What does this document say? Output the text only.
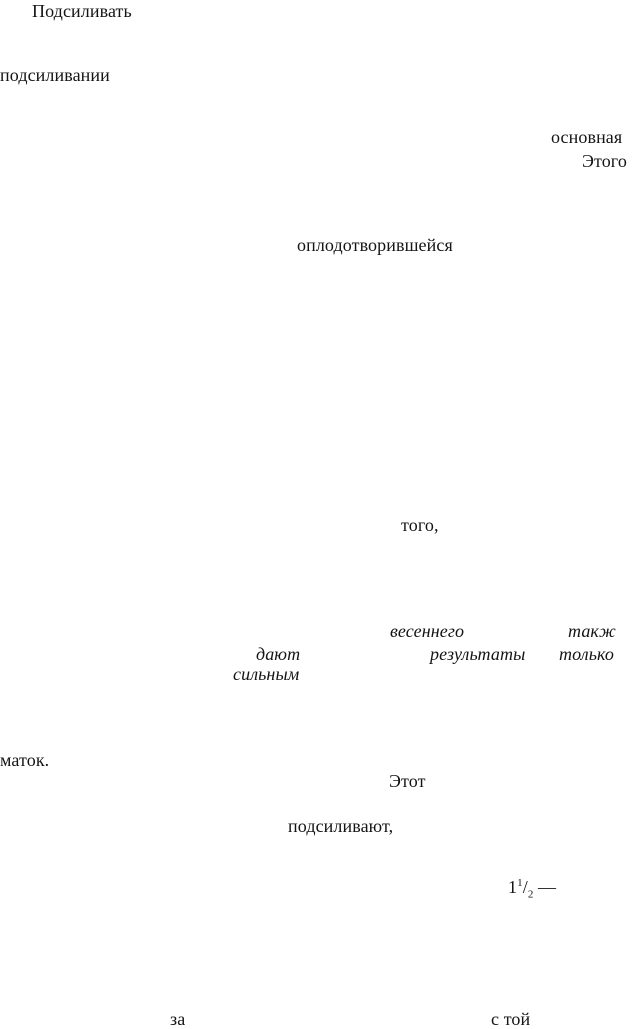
Подсиливать
подсиливании
основная
Этого
оплодотворившейся
того,
весеннего	такж
дают	результаты только
сильным
маток.
Этот
подсиливают,
$1^1/_2$ —
за	с той
